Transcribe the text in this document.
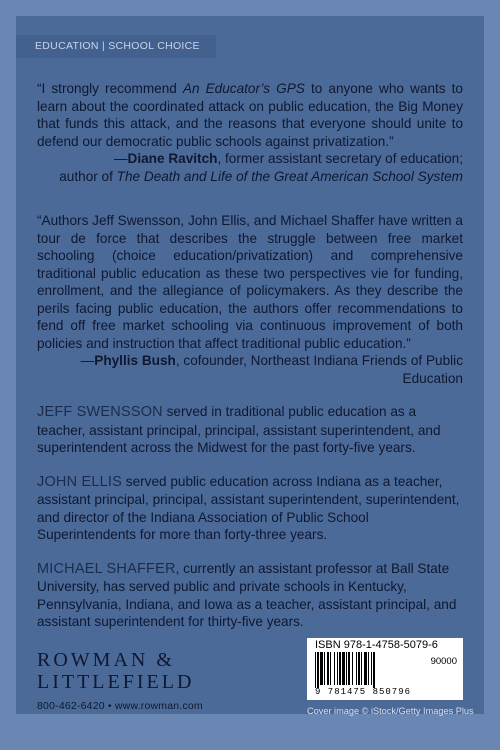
EDUCATION | SCHOOL CHOICE
“I strongly recommend An Educator’s GPS to anyone who wants to learn about the coordinated attack on public education, the Big Money that funds this attack, and the reasons that everyone should unite to defend our democratic public schools against privatization.”
—Diane Ravitch, former assistant secretary of education;
author of The Death and Life of the Great American School System
“Authors Jeff Swensson, John Ellis, and Michael Shaffer have written a tour de force that describes the struggle between free market schooling (choice education/privatization) and comprehensive traditional public education as these two perspectives vie for funding, enrollment, and the allegiance of policymakers. As they describe the perils facing public education, the authors offer recommendations to fend off free market schooling via continuous improvement of both policies and instruction that affect traditional public education.”
—Phyllis Bush, cofounder, Northeast Indiana Friends of Public Education
JEFF SWENSSON served in traditional public education as a teacher, assistant principal, principal, assistant superintendent, and superintendent across the Midwest for the past forty-five years.
JOHN ELLIS served public education across Indiana as a teacher, assistant principal, principal, assistant superintendent, superintendent, and director of the Indiana Association of Public School Superintendents for more than forty-three years.
MICHAEL SHAFFER, currently an assistant professor at Ball State University, has served public and private schools in Kentucky, Pennsylvania, Indiana, and Iowa as a teacher, assistant principal, and assistant superintendent for thirty-five years.
ROWMAN &
LITTLEFIELD
800-462-6420 • www.rowman.com
ISBN 978-1-4758-5079-6
90000
9 781475 850796
Cover image © iStock/Getty Images Plus
